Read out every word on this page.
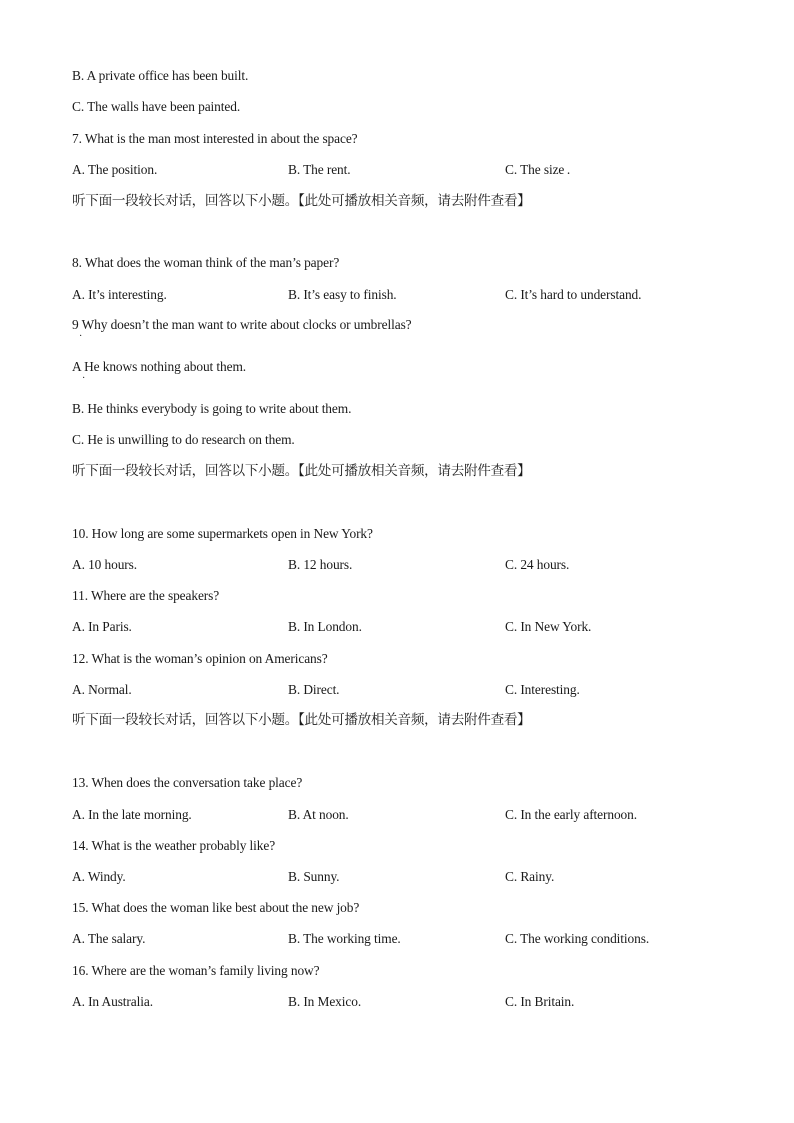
B. A private office has been built.
C. The walls have been painted.
7. What is the man most interested in about the space?
A. The position.	B. The rent.	C. The size .
听下面一段较长对话，回答以下小题。【此处可播放相关音频，请去附件查看】
8. What does the woman think of the man’s paper?
A. It’s interesting.	B. It’s easy to finish.	C. It’s hard to understand.
9 Why doesn’t the man want to write about clocks or umbrellas?
·
A He knows nothing about them.
·
B. He thinks everybody is going to write about them.
C. He is unwilling to do research on them.
听下面一段较长对话，回答以下小题。【此处可播放相关音频，请去附件查看】
10. How long are some supermarkets open in New York?
A. 10 hours.	B. 12 hours.	C. 24 hours.
11. Where are the speakers?
A. In Paris.	B. In London.	C. In New York.
12. What is the woman’s opinion on Americans?
A. Normal.	B. Direct.	C. Interesting.
听下面一段较长对话，回答以下小题。【此处可播放相关音频，请去附件查看】
13. When does the conversation take place?
A. In the late morning.	B. At noon.	C. In the early afternoon.
14. What is the weather probably like?
A. Windy.	B. Sunny.	C. Rainy.
15. What does the woman like best about the new job?
A. The salary.	B. The working time.	C. The working conditions.
16. Where are the woman’s family living now?
A. In Australia.	B. In Mexico.	C. In Britain.
